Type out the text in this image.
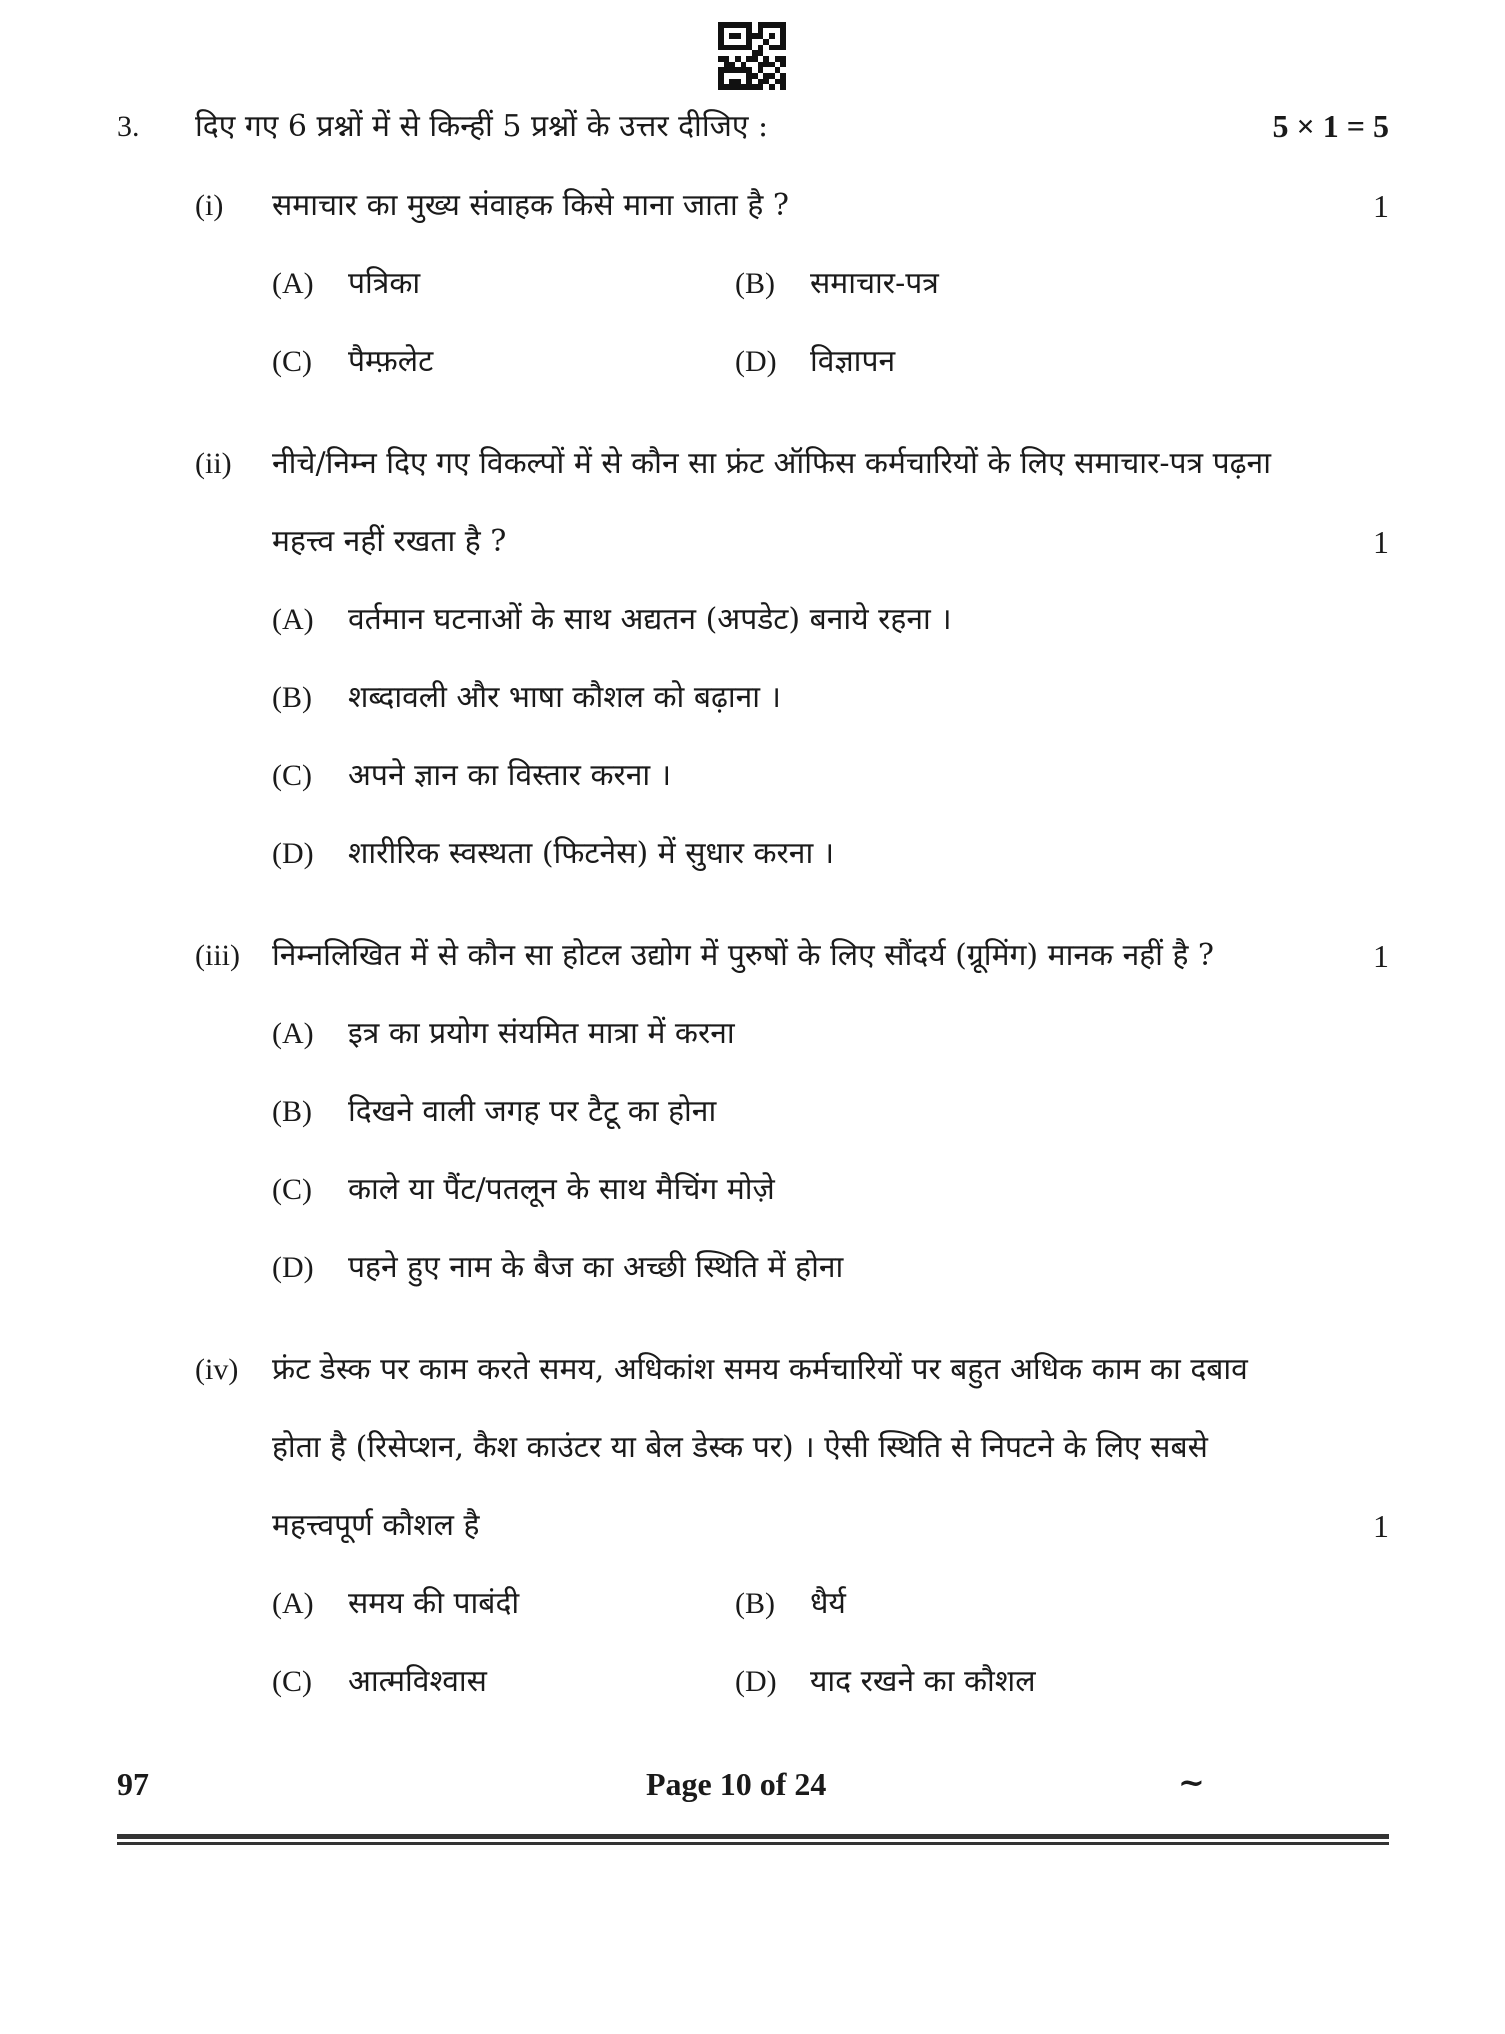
3. दिए गए 6 प्रश्नों में से किन्हीं 5 प्रश्नों के उत्तर दीजिए :	5 × 1 = 5
(i) समाचार का मुख्य संवाहक किसे माना जाता है ?	1
(A) पत्रिका	(B) समाचार-पत्र
(C) पैम्फ़लेट	(D) विज्ञापन
(ii) नीचे/निम्न दिए गए विकल्पों में से कौन सा फ्रंट ऑफिस कर्मचारियों के लिए समाचार-पत्र पढ़ना
महत्त्व नहीं रखता है ?	1
(A) वर्तमान घटनाओं के साथ अद्यतन (अपडेट) बनाये रहना ।
(B) शब्दावली और भाषा कौशल को बढ़ाना ।
(C) अपने ज्ञान का विस्तार करना ।
(D) शारीरिक स्वस्थता (फिटनेस) में सुधार करना ।
(iii) निम्नलिखित में से कौन सा होटल उद्योग में पुरुषों के लिए सौंदर्य (ग्रूमिंग) मानक नहीं है ?	1
(A) इत्र का प्रयोग संयमित मात्रा में करना
(B) दिखने वाली जगह पर टैटू का होना
(C) काले या पैंट/पतलून के साथ मैचिंग मोज़े
(D) पहने हुए नाम के बैज का अच्छी स्थिति में होना
(iv) फ्रंट डेस्क पर काम करते समय, अधिकांश समय कर्मचारियों पर बहुत अधिक काम का दबाव
होता है (रिसेप्शन, कैश काउंटर या बेल डेस्क पर) । ऐसी स्थिति से निपटने के लिए सबसे
महत्त्वपूर्ण कौशल है	1
(A) समय की पाबंदी	(B) धैर्य
(C) आत्मविश्वास	(D) याद रखने का कौशल
97	Page 10 of 24	~
